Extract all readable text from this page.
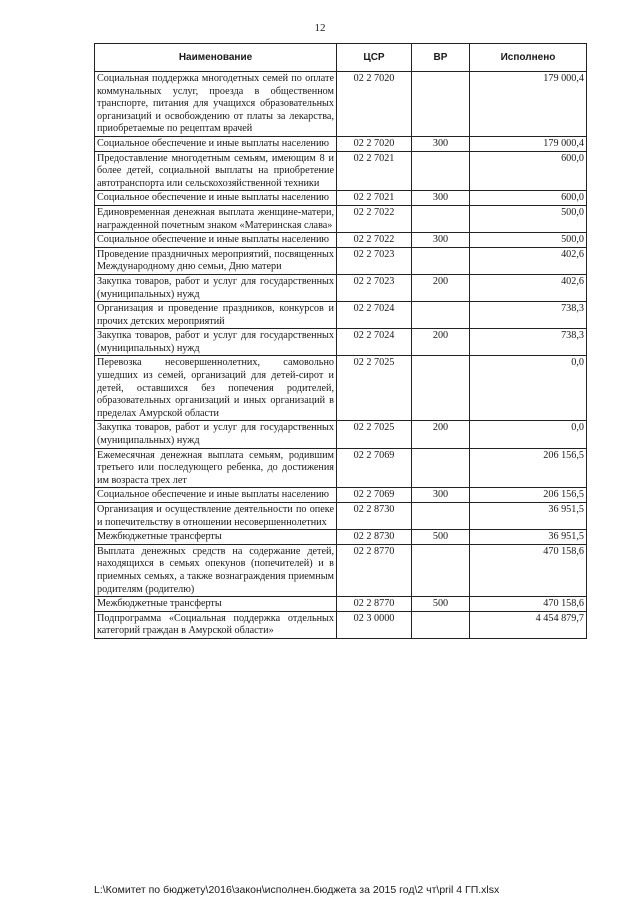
12
Наименование	ЦСР	ВР	Исполнено
Социальная поддержка многодетных семей по оплате коммунальных услуг, проезда в общественном транспорте, питания для учащихся образовательных организаций и освобождению от платы за лекарства, приобретаемые по рецептам врачей	02 2 7020		179 000,4
Социальное обеспечение и иные выплаты населению	02 2 7020	300	179 000,4
Предоставление многодетным семьям, имеющим 8 и более детей, социальной выплаты на приобретение автотранспорта или сельскохозяйственной техники	02 2 7021		600,0
Социальное обеспечение и иные выплаты населению	02 2 7021	300	600,0
Единовременная денежная выплата женщине-матери, награжденной почетным знаком «Материнская слава»	02 2 7022		500,0
Социальное обеспечение и иные выплаты населению	02 2 7022	300	500,0
Проведение праздничных мероприятий, посвященных Международному дню семьи, Дню матери	02 2 7023		402,6
Закупка товаров, работ и услуг для государственных (муниципальных) нужд	02 2 7023	200	402,6
Организация и проведение праздников, конкурсов и прочих детских мероприятий	02 2 7024		738,3
Закупка товаров, работ и услуг для государственных (муниципальных) нужд	02 2 7024	200	738,3
Перевозка несовершеннолетних, самовольно ушедших из семей, организаций для детей-сирот и детей, оставшихся без попечения родителей, образовательных организаций и иных организаций в пределах Амурской области	02 2 7025		0,0
Закупка товаров, работ и услуг для государственных (муниципальных) нужд	02 2 7025	200	0,0
Ежемесячная денежная выплата семьям, родившим третьего или последующего ребенка, до достижения им возраста трех лет	02 2 7069		206 156,5
Социальное обеспечение и иные выплаты населению	02 2 7069	300	206 156,5
Организация и осуществление деятельности по опеке и попечительству в отношении несовершеннолетних	02 2 8730		36 951,5
Межбюджетные трансферты	02 2 8730	500	36 951,5
Выплата денежных средств на содержание детей, находящихся в семьях опекунов (попечителей) и в приемных семьях, а также вознаграждения приемным родителям (родителю)	02 2 8770		470 158,6
Межбюджетные трансферты	02 2 8770	500	470 158,6
Подпрограмма «Социальная поддержка отдельных категорий граждан в Амурской области»	02 3 0000		4 454 879,7
L:\Комитет по бюджету\2016\закон\исполнен.бюджета за 2015 год\2 чт\pril 4 ГП.xlsx
